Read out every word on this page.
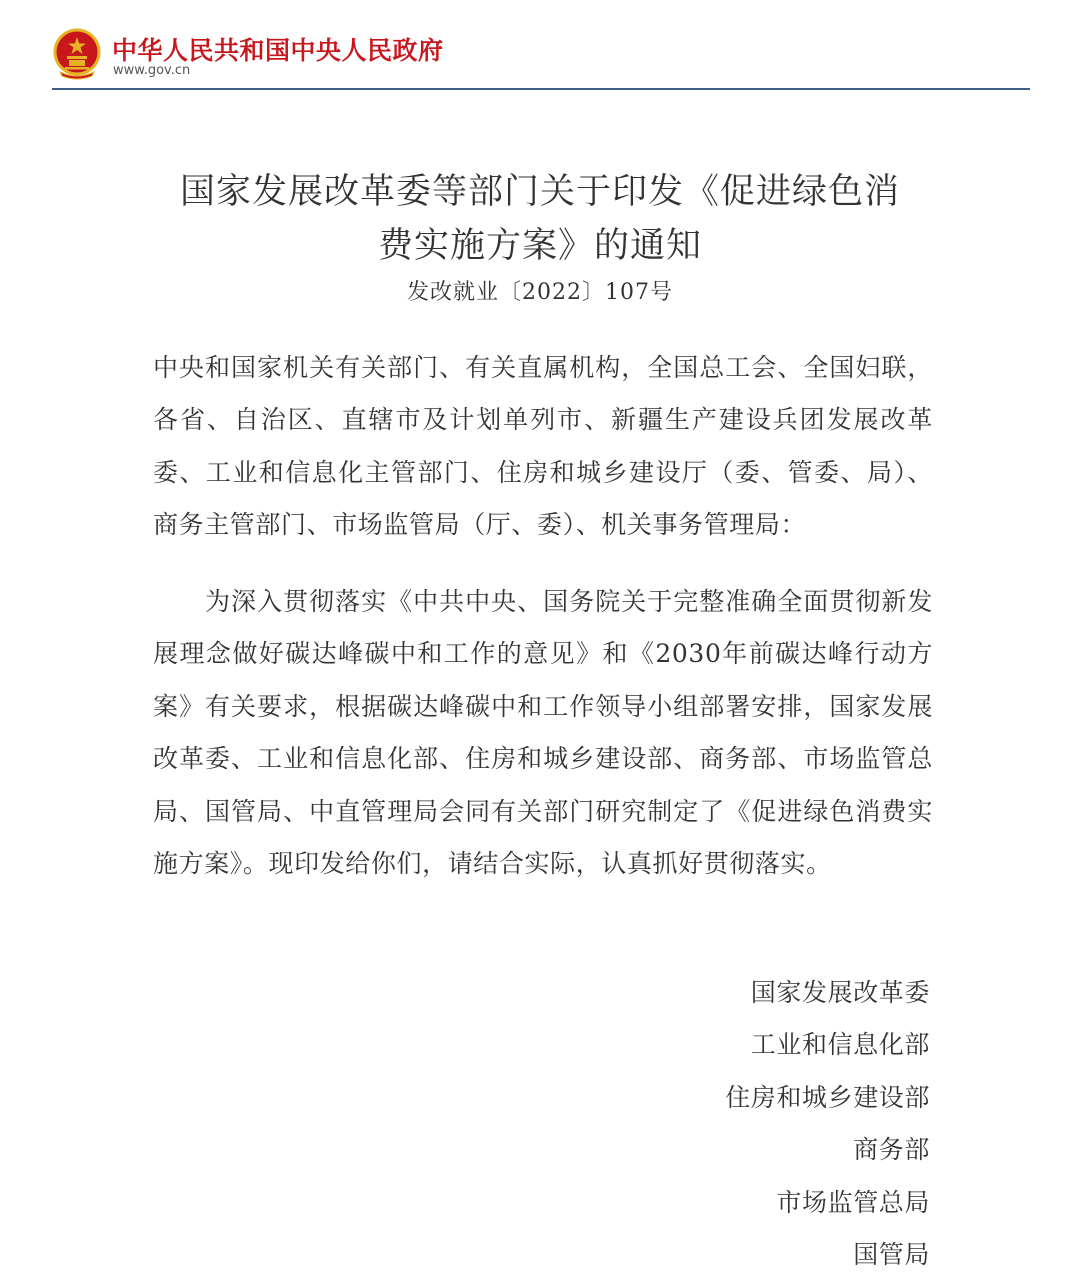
中华人民共和国中央人民政府
www.gov.cn
国家发展改革委等部门关于印发《促进绿色消
费实施方案》的通知
发改就业〔2022〕107号
中央和国家机关有关部门、有关直属机构，全国总工会、全国妇联，各省、自治区、直辖市及计划单列市、新疆生产建设兵团发展改革委、工业和信息化主管部门、住房和城乡建设厅（委、管委、局）、商务主管部门、市场监管局（厅、委）、机关事务管理局：
为深入贯彻落实《中共中央、国务院关于完整准确全面贯彻新发展理念做好碳达峰碳中和工作的意见》和《2030年前碳达峰行动方案》有关要求，根据碳达峰碳中和工作领导小组部署安排，国家发展改革委、工业和信息化部、住房和城乡建设部、商务部、市场监管总局、国管局、中直管理局会同有关部门研究制定了《促进绿色消费实施方案》。现印发给你们，请结合实际，认真抓好贯彻落实。
国家发展改革委
工业和信息化部
住房和城乡建设部
商务部
市场监管总局
国管局
